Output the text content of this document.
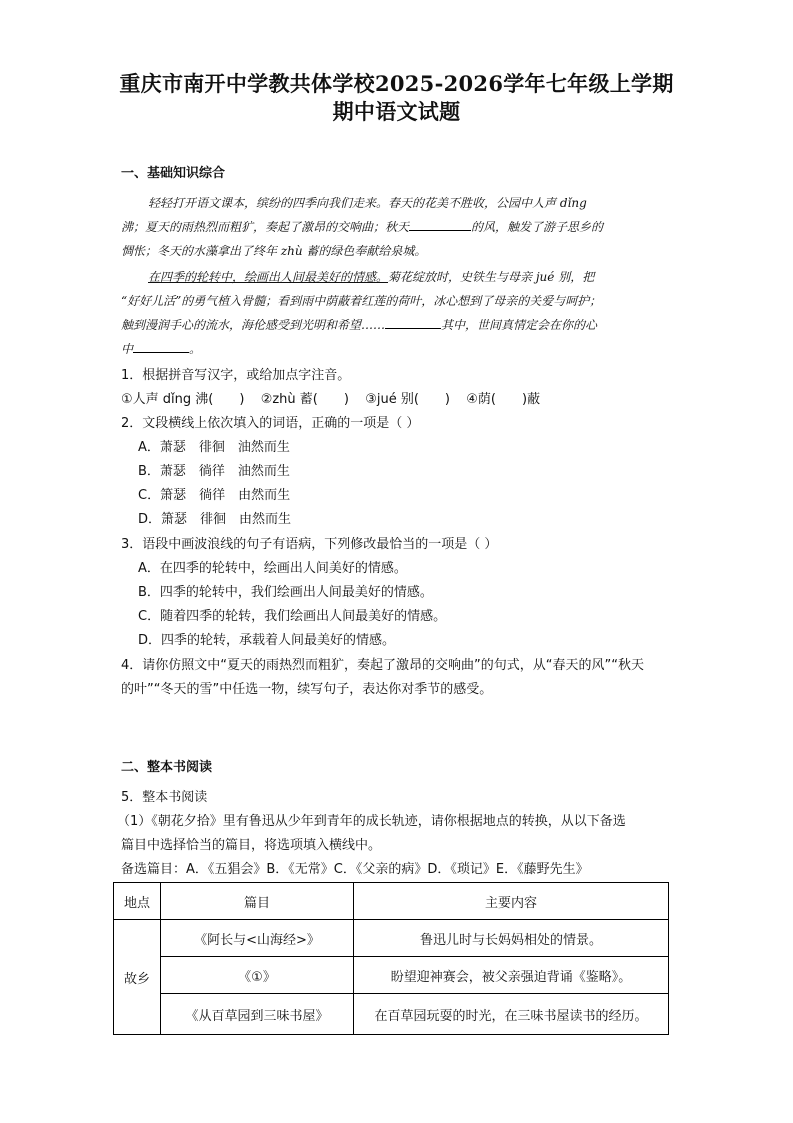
重庆市南开中学教共体学校2025-2026学年七年级上学期
期中语文试题
一、基础知识综合
轻轻打开语文课本，缤纷的四季向我们走来。春天的花美不胜收，公园中人声 dǐng
沸；夏天的雨热烈而粗犷，奏起了激昂的交响曲；秋天	的风，触发了游子思乡的
惆怅；冬天的水藻拿出了终年 zhù 蓄的绿色奉献给泉城。
在四季的轮转中，绘画出人间最美好的情感。菊花绽放时，史铁生与母亲 jué 别，把
“好好儿活”的勇气植入骨髓；看到雨中荫蔽着红莲的荷叶，冰心想到了母亲的关爱与呵护；
触到漫润手心的流水，海伦感受到光明和希望……	其中，世间真情定会在你的心
中	。
1．根据拼音写汉字，或给加点字注音。
①人声 dǐng 沸(　　) ②zhù 蓄(　　) ③jué 别(　　) ④荫(　　)蔽
2．文段横线上依次填入的词语，正确的一项是（ ）
A．萧瑟　徘徊　油然而生
B．萧瑟　徜徉　油然而生
C．箫瑟　徜徉　由然而生
D．箫瑟　徘徊　由然而生
3．语段中画波浪线的句子有语病，下列修改最恰当的一项是（ ）
A．在四季的轮转中，绘画出人间美好的情感。
B．四季的轮转中，我们绘画出人间最美好的情感。
C．随着四季的轮转，我们绘画出人间最美好的情感。
D．四季的轮转，承载着人间最美好的情感。
4．请你仿照文中“夏天的雨热烈而粗犷，奏起了激昂的交响曲”的句式，从“春天的风”“秋天
的叶”“冬天的雪”中任选一物，续写句子，表达你对季节的感受。
二、整本书阅读
5．整本书阅读
（1）《朝花夕拾》里有鲁迅从少年到青年的成长轨迹，请你根据地点的转换，从以下备选
篇目中选择恰当的篇目，将选项填入横线中。
备选篇目：A．《五猖会》B．《无常》C．《父亲的病》D．《琐记》E．《藤野先生》
地点	篇目	主要内容
故乡	《阿长与<山海经>》	鲁迅儿时与长妈妈相处的情景。
	《①》	盼望迎神赛会，被父亲强迫背诵《鉴略》。
	《从百草园到三味书屋》	在百草园玩耍的时光，在三味书屋读书的经历。
